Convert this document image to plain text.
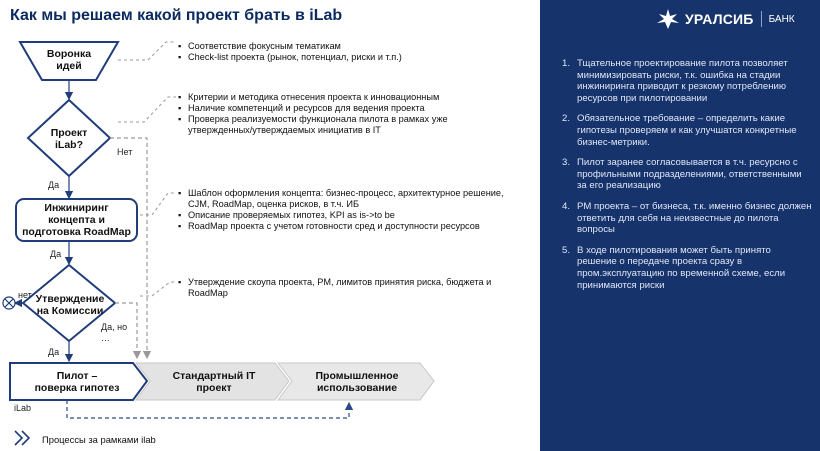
Как мы решаем какой проект брать в iLab
Воронка
идей
Проект
iLab?
Инжиниринг
концепта и
подготовка RoadMap
Утверждение
на Комиссии
Нет
Да
Да
нет
Да, но
…
Да
Пилот –
поверка гипотез
Стандартный IT
проект
Промышленное
использование
iLab
▪ Соответствие фокусным тематикам
▪ Check-list проекта (рынок, потенциал, риски и т.п.)
▪ Критерии и методика отнесения проекта к инновационным
▪ Наличие компетенций и ресурсов для ведения проекта
▪ Проверка реализуемости функционала пилота в рамках уже утвержденных/утверждаемых инициатив в IT
▪ Шаблон оформления концепта: бизнес-процесс, архитектурное решение, CJM, RoadMap, оценка рисков, в т.ч. ИБ
▪ Описание проверяемых гипотез, KPI as is->to be
▪ RoadMap проекта с учетом готовности сред и доступности ресурсов
▪ Утверждение скоупа проекта, PM, лимитов принятия риска, бюджета и RoadMap
Процессы за рамками ilab
УРАЛСИБ БАНК
1. Тщательное проектирование пилота позволяет минимизировать риски, т.к. ошибка на стадии инжиниринга приводит к резкому потреблению ресурсов при пилотировании
2. Обязательное требование – определить какие гипотезы проверяем и как улучшатся конкретные бизнес-метрики.
3. Пилот заранее согласовывается в т.ч. ресурсно с профильными подразделениями, ответственными за его реализацию
4. PM проекта – от бизнеса, т.к. именно бизнес должен ответить для себя на неизвестные до пилота вопросы
5. В ходе пилотирования может быть принято решение о передаче проекта сразу в пром.эксплуатацию по временной схеме, если принимаются риски
